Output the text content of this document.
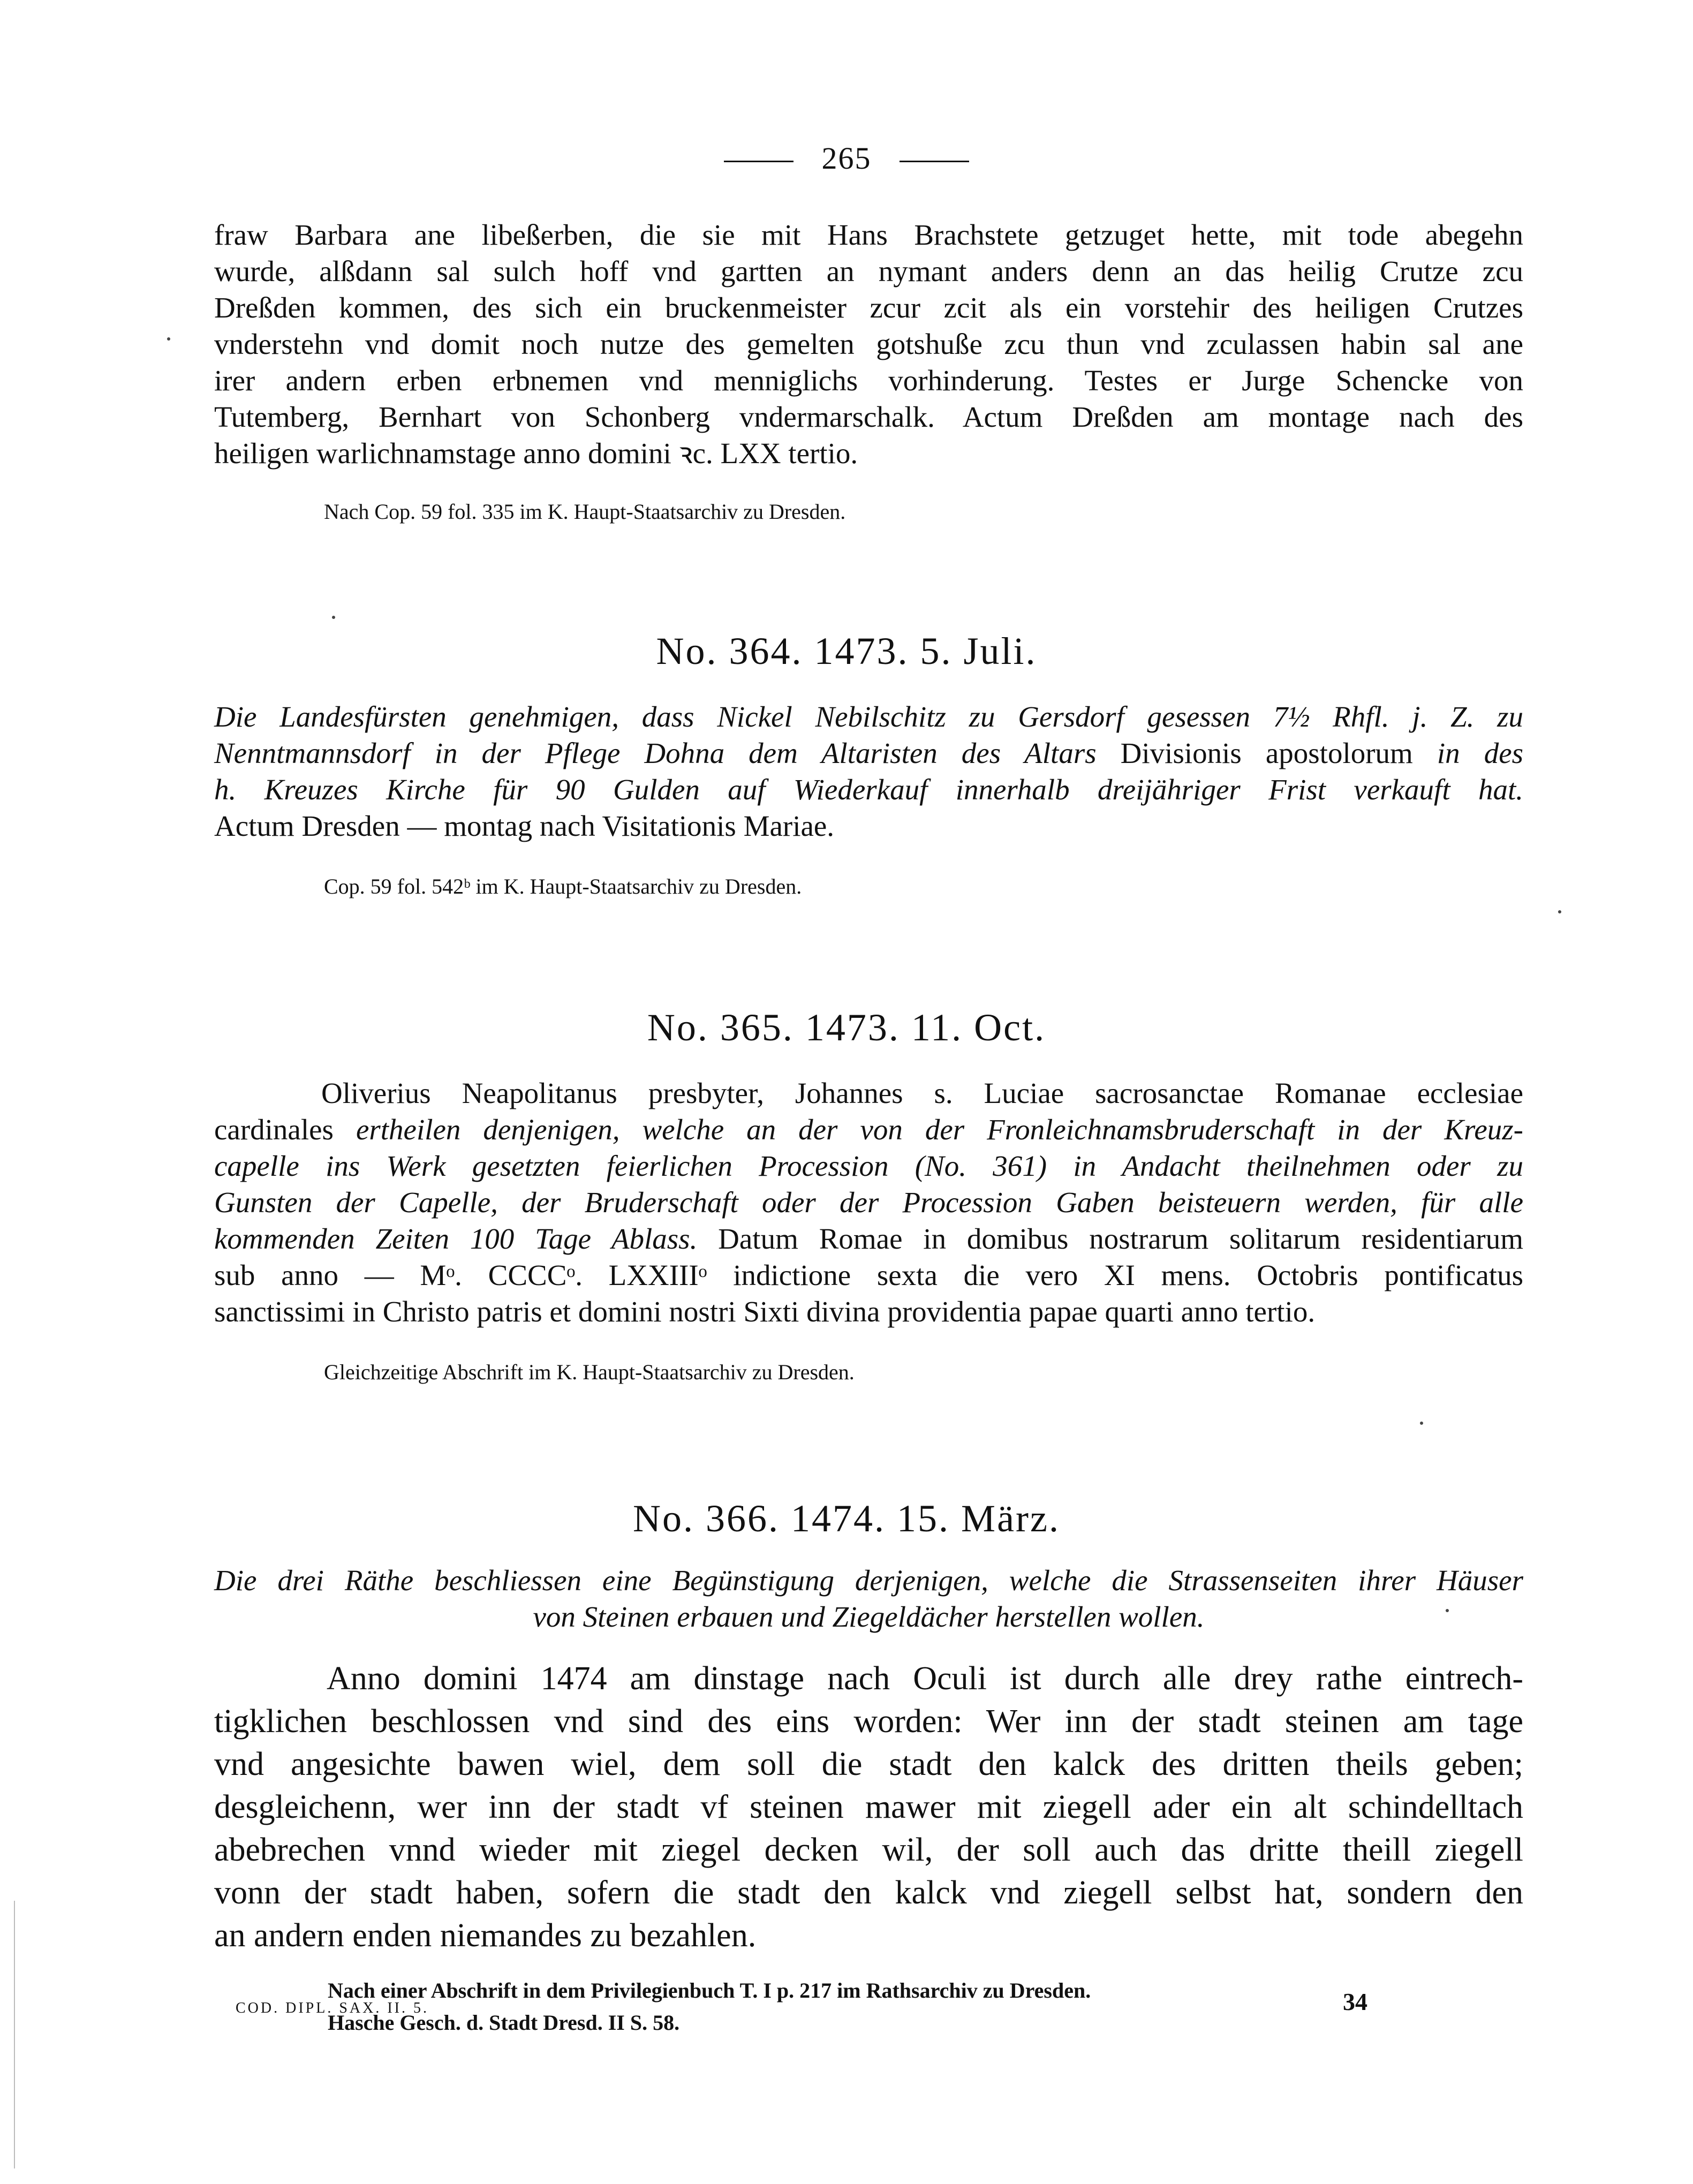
265
fraw Barbara ane libeßerben, die sie mit Hans Brachstete getzuget hette, mit tode abegehn
wurde, alßdann sal sulch hoff vnd gartten an nymant anders denn an das heilig Crutze zcu
Dreßden kommen, des sich ein bruckenmeister zcur zcit als ein vorstehir des heiligen Crutzes
vnderstehn vnd domit noch nutze des gemelten gotshuße zcu thun vnd zculassen habin sal ane
irer andern erben erbnemen vnd menniglichs vorhinderung. Testes er Jurge Schencke von
Tutemberg, Bernhart von Schonberg vndermarschalk. Actum Dreßden am montage nach des
heiligen warlichnamstage anno domini ꝛc. LXX tertio.

Nach Cop. 59 fol. 335 im K. Haupt-Staatsarchiv zu Dresden.

No. 364. 1473. 5. Juli.
Die Landesfürsten genehmigen, dass Nickel Nebilschitz zu Gersdorf gesessen 7½ Rhfl. j. Z. zu
Nenntmannsdorf in der Pflege Dohna dem Altaristen des Altars Divisionis apostolorum in des
h. Kreuzes Kirche für 90 Gulden auf Wiederkauf innerhalb dreijähriger Frist verkauft hat.
Actum Dresden — montag nach Visitationis Mariae.

Cop. 59 fol. 542ᵇ im K. Haupt-Staatsarchiv zu Dresden.

No. 365. 1473. 11. Oct.
Oliverius Neapolitanus presbyter, Johannes s. Luciae sacrosanctae Romanae ecclesiae
cardinales ertheilen denjenigen, welche an der von der Fronleichnamsbruderschaft in der Kreuz-
capelle ins Werk gesetzten feierlichen Procession (No. 361) in Andacht theilnehmen oder zu
Gunsten der Capelle, der Bruderschaft oder der Procession Gaben beisteuern werden, für alle
kommenden Zeiten 100 Tage Ablass. Datum Romae in domibus nostrarum solitarum residentiarum
sub anno — Mᵒ. CCCCᵒ. LXXIIIᵒ indictione sexta die vero XI mens. Octobris pontificatus
sanctissimi in Christo patris et domini nostri Sixti divina providentia papae quarti anno tertio.

Gleichzeitige Abschrift im K. Haupt-Staatsarchiv zu Dresden.

No. 366. 1474. 15. März.
Die drei Räthe beschliessen eine Begünstigung derjenigen, welche die Strassenseiten ihrer Häuser
von Steinen erbauen und Ziegeldächer herstellen wollen.
Anno domini 1474 am dinstage nach Oculi ist durch alle drey rathe eintrech-
tigklichen beschlossen vnd sind des eins worden: Wer inn der stadt steinen am tage
vnd angesichte bawen wiel, dem soll die stadt den kalck des dritten theils geben;
desgleichenn, wer inn der stadt vf steinen mawer mit ziegell ader ein alt schindelltach
abebrechen vnnd wieder mit ziegel decken wil, der soll auch das dritte theill ziegell
vonn der stadt haben, sofern die stadt den kalck vnd ziegell selbst hat, sondern den
an andern enden niemandes zu bezahlen.

Nach einer Abschrift in dem Privilegienbuch T. I p. 217 im Rathsarchiv zu Dresden.

Hasche Gesch. d. Stadt Dresd. II S. 58.

COD. DIPL. SAX. II. 5.	34
